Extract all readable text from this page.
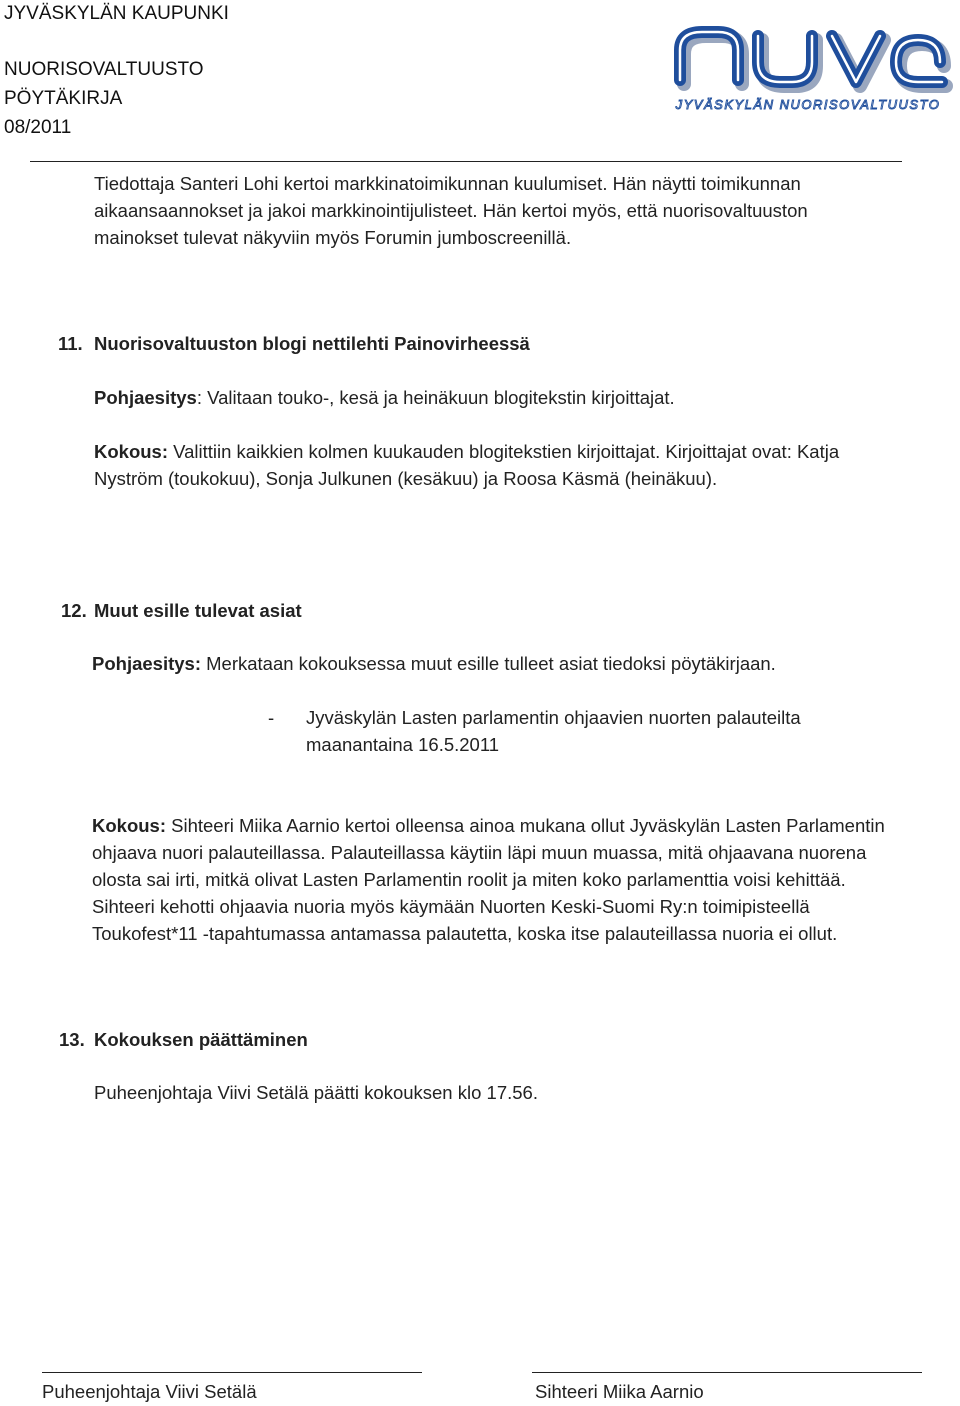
JYVÄSKYLÄN KAUPUNKI
NUORISOVALTUUSTO
PÖYTÄKIRJA
08/2011
JYVÄSKYLÄN NUORISOVALTUUSTO
Tiedottaja Santeri Lohi kertoi markkinatoimikunnan kuulumiset. Hän näytti toimikunnan
aikaansaannokset ja jakoi markkinointijulisteet. Hän kertoi myös, että nuorisovaltuuston
mainokset tulevat näkyviin myös Forumin jumboscreenillä.
11. Nuorisovaltuuston blogi nettilehti Painovirheessä
Pohjaesitys: Valitaan touko-, kesä ja heinäkuun blogitekstin kirjoittajat.
Kokous: Valittiin kaikkien kolmen kuukauden blogitekstien kirjoittajat. Kirjoittajat ovat: Katja
Nyström (toukokuu), Sonja Julkunen (kesäkuu) ja Roosa Käsmä (heinäkuu).
12. Muut esille tulevat asiat
Pohjaesitys: Merkataan kokouksessa muut esille tulleet asiat tiedoksi pöytäkirjaan.
- Jyväskylän Lasten parlamentin ohjaavien nuorten palauteilta
maanantaina 16.5.2011
Kokous: Sihteeri Miika Aarnio kertoi olleensa ainoa mukana ollut Jyväskylän Lasten Parlamentin
ohjaava nuori palauteillassa. Palauteillassa käytiin läpi muun muassa, mitä ohjaavana nuorena
olosta sai irti, mitkä olivat Lasten Parlamentin roolit ja miten koko parlamenttia voisi kehittää.
Sihteeri kehotti ohjaavia nuoria myös käymään Nuorten Keski-Suomi Ry:n toimipisteellä
Toukofest*11 -tapahtumassa antamassa palautetta, koska itse palauteillassa nuoria ei ollut.
13. Kokouksen päättäminen
Puheenjohtaja Viivi Setälä päätti kokouksen klo 17.56.
Puheenjohtaja Viivi Setälä	Sihteeri Miika Aarnio
